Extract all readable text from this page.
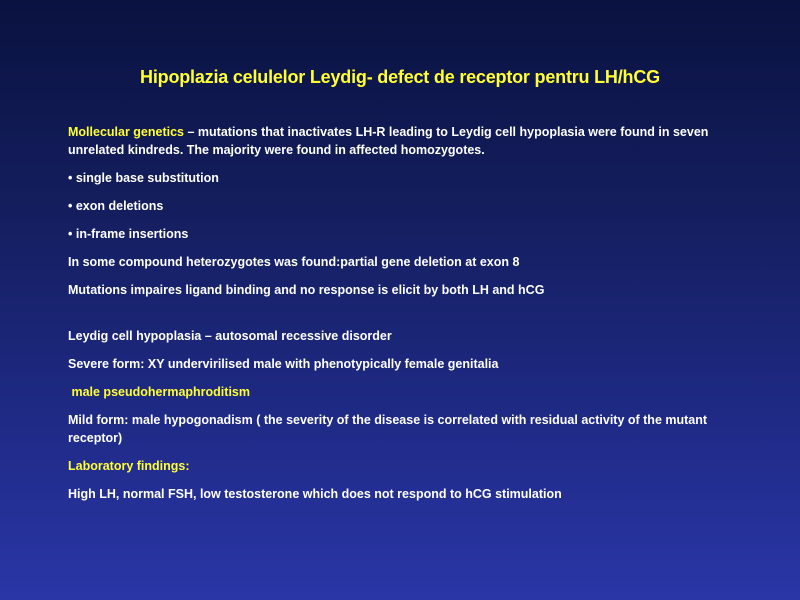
Hipoplazia celulelor Leydig- defect de receptor pentru LH/hCG

Mollecular genetics – mutations that inactivates LH-R leading to Leydig cell hypoplasia were found in seven unrelated kindreds. The majority were found in affected homozygotes.

• single base substitution

• exon deletions

• in-frame insertions

In some compound heterozygotes was found:partial gene deletion at exon 8

Mutations impaires ligand binding and no response is elicit by both LH and hCG

Leydig cell hypoplasia – autosomal recessive disorder

Severe form: XY undervirilised male with phenotypically female genitalia

male pseudohermaphroditism

Mild form: male hypogonadism ( the severity of the disease is correlated with residual activity of the mutant receptor)

Laboratory findings:

High LH, normal FSH, low testosterone which does not respond to hCG stimulation
